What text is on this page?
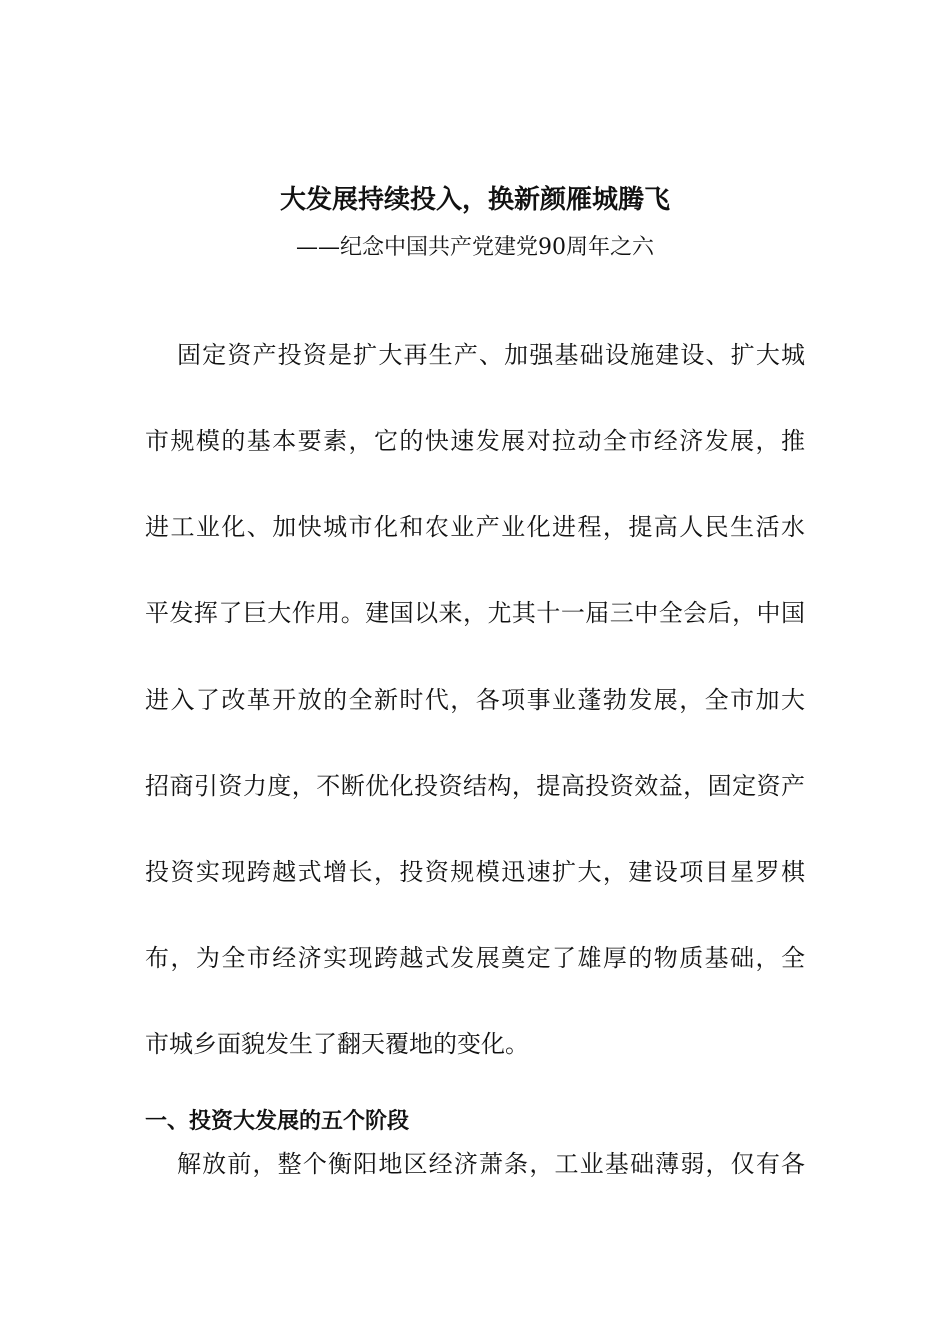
大发展持续投入，换新颜雁城腾飞
——纪念中国共产党建党90周年之六
固定资产投资是扩大再生产、加强基础设施建设、扩大城
市规模的基本要素，它的快速发展对拉动全市经济发展，推
进工业化、加快城市化和农业产业化进程，提高人民生活水
平发挥了巨大作用。建国以来，尤其十一届三中全会后，中国
进入了改革开放的全新时代，各项事业蓬勃发展，全市加大
招商引资力度，不断优化投资结构，提高投资效益，固定资产
投资实现跨越式增长，投资规模迅速扩大，建设项目星罗棋
布，为全市经济实现跨越式发展奠定了雄厚的物质基础，全
市城乡面貌发生了翻天覆地的变化。
一、投资大发展的五个阶段
解放前，整个衡阳地区经济萧条，工业基础薄弱，仅有各
